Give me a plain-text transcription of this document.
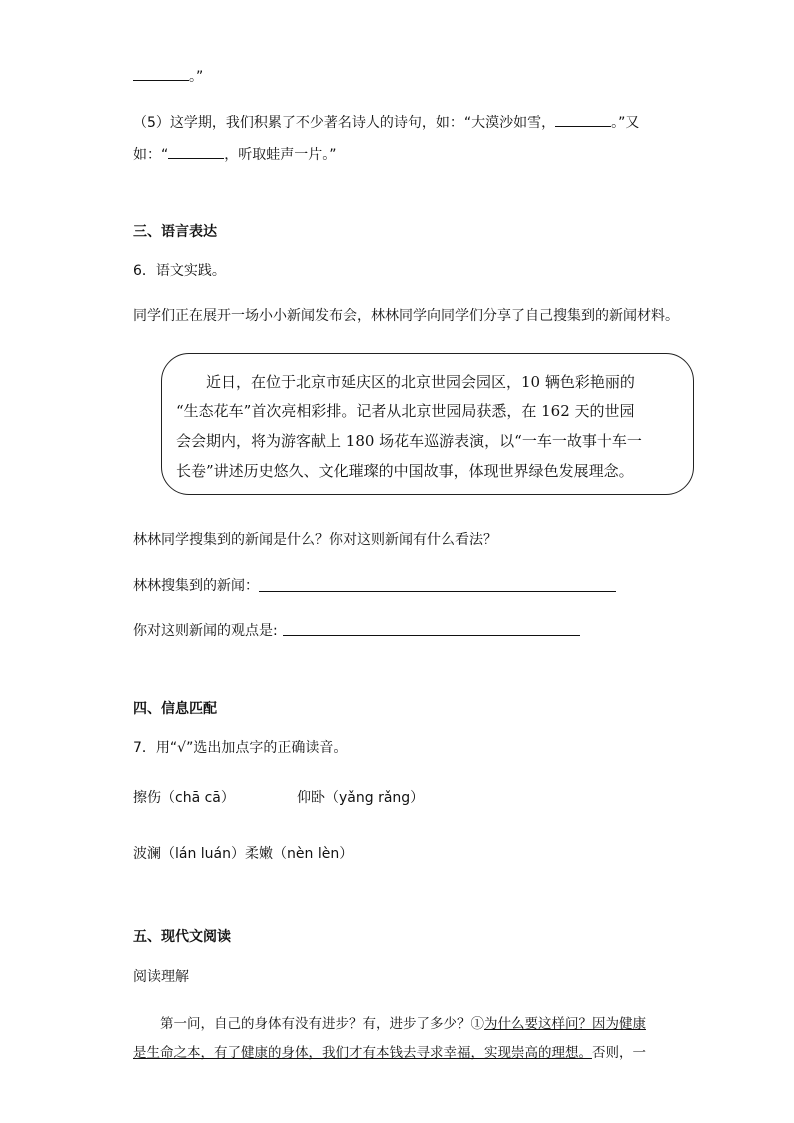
。”
（5）这学期，我们积累了不少著名诗人的诗句，如：“大漠沙如雪，	。”又
如：“	，听取蛙声一片。”
三、语言表达
6．语文实践。
同学们正在展开一场小小新闻发布会，林林同学向同学们分享了自己搜集到的新闻材料。
　　近日，在位于北京市延庆区的北京世园会园区，10 辆色彩艳丽的
“生态花车”首次亮相彩排。记者从北京世园局获悉，在 162 天的世园
会会期内，将为游客献上 180 场花车巡游表演，以“一车一故事十车一
长卷”讲述历史悠久、文化璀璨的中国故事，体现世界绿色发展理念。
林林同学搜集到的新闻是什么？你对这则新闻有什么看法？
林林搜集到的新闻：
你对这则新闻的观点是:
四、信息匹配
7．用“√”选出加点字的正确读音。
擦伤（chā cā）	仰卧（yǎng rǎng）
波澜（lán luán）柔嫩（nèn lèn）
五、现代文阅读
阅读理解
　　第一问，自己的身体有没有进步？有，进步了多少？①为什么要这样问？因为健康
是生命之本，有了健康的身体，我们才有本钱去寻求幸福，实现崇高的理想。否则，一
